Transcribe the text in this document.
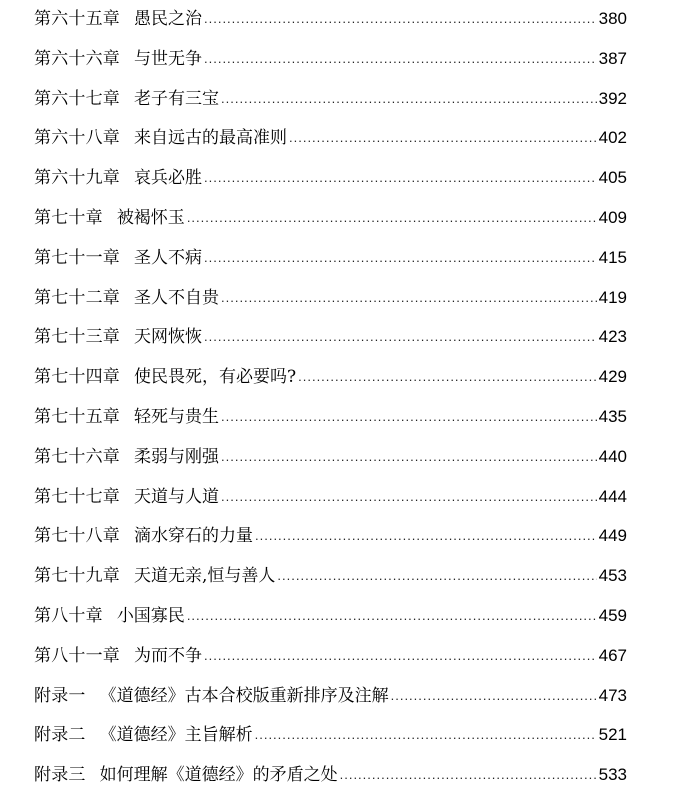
第六十五章 愚民之治 .....	380
第六十六章 与世无争 .....	387
第六十七章 老子有三宝 .....	392
第六十八章 来自远古的最高准则 .....	402
第六十九章 哀兵必胜 .....	405
第七十章 被褐怀玉 .....	409
第七十一章 圣人不病 .....	415
第七十二章 圣人不自贵 .....	419
第七十三章 天网恢恢 .....	423
第七十四章 使民畏死，有必要吗? .....	429
第七十五章 轻死与贵生 .....	435
第七十六章 柔弱与刚强 .....	440
第七十七章 天道与人道 .....	444
第七十八章 滴水穿石的力量 .....	449
第七十九章 天道无亲,恒与善人 .....	453
第八十章 小国寡民 .....	459
第八十一章 为而不争 .....	467
附录一 《道德经》古本合校版重新排序及注解 .....	473
附录二 《道德经》主旨解析 .....	521
附录三 如何理解《道德经》的矛盾之处 .....	533
